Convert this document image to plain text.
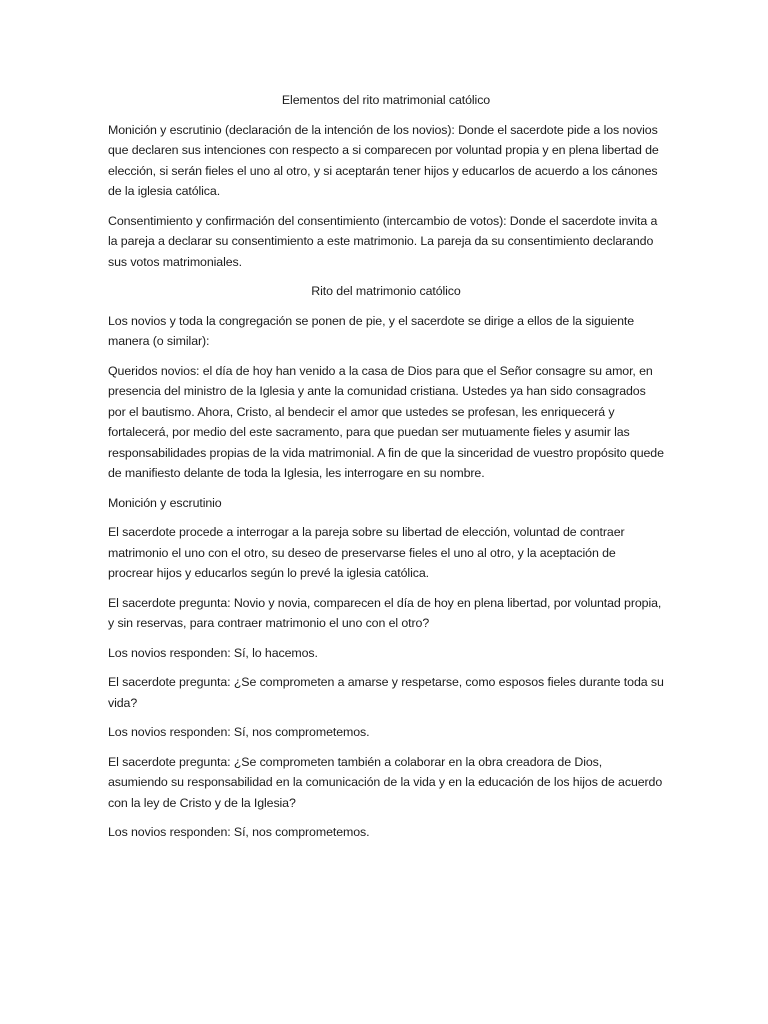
Elementos del rito matrimonial católico
Monición y escrutinio (declaración de la intención de los novios): Donde el sacerdote pide a los novios que declaren sus intenciones con respecto a si comparecen por voluntad propia y en plena libertad de elección, si serán fieles el uno al otro, y si aceptarán tener hijos y educarlos de acuerdo a los cánones de la iglesia católica.
Consentimiento y confirmación del consentimiento (intercambio de votos): Donde el sacerdote invita a la pareja a declarar su consentimiento a este matrimonio. La pareja da su consentimiento declarando sus votos matrimoniales.
Rito del matrimonio católico
Los novios y toda la congregación se ponen de pie, y el sacerdote se dirige a ellos de la siguiente manera (o similar):
Queridos novios: el día de hoy han venido a la casa de Dios para que el Señor consagre su amor, en presencia del ministro de la Iglesia y ante la comunidad cristiana. Ustedes ya han sido consagrados por el bautismo. Ahora, Cristo, al bendecir el amor que ustedes se profesan, les enriquecerá y fortalecerá, por medio del este sacramento, para que puedan ser mutuamente fieles y asumir las responsabilidades propias de la vida matrimonial. A fin de que la sinceridad de vuestro propósito quede de manifiesto delante de toda la Iglesia, les interrogare en su nombre.
Monición y escrutinio
El sacerdote procede a interrogar a la pareja sobre su libertad de elección, voluntad de contraer matrimonio el uno con el otro, su deseo de preservarse fieles el uno al otro, y la aceptación de procrear hijos y educarlos según lo prevé la iglesia católica.
El sacerdote pregunta: Novio y novia, comparecen el día de hoy en plena libertad, por voluntad propia, y sin reservas, para contraer matrimonio el uno con el otro?
Los novios responden: Sí, lo hacemos.
El sacerdote pregunta: ¿Se comprometen a amarse y respetarse, como esposos fieles durante toda su vida?
Los novios responden: Sí, nos comprometemos.
El sacerdote pregunta: ¿Se comprometen también a colaborar en la obra creadora de Dios, asumiendo su responsabilidad en la comunicación de la vida y en la educación de los hijos de acuerdo con la ley de Cristo y de la Iglesia?
Los novios responden: Sí, nos comprometemos.
